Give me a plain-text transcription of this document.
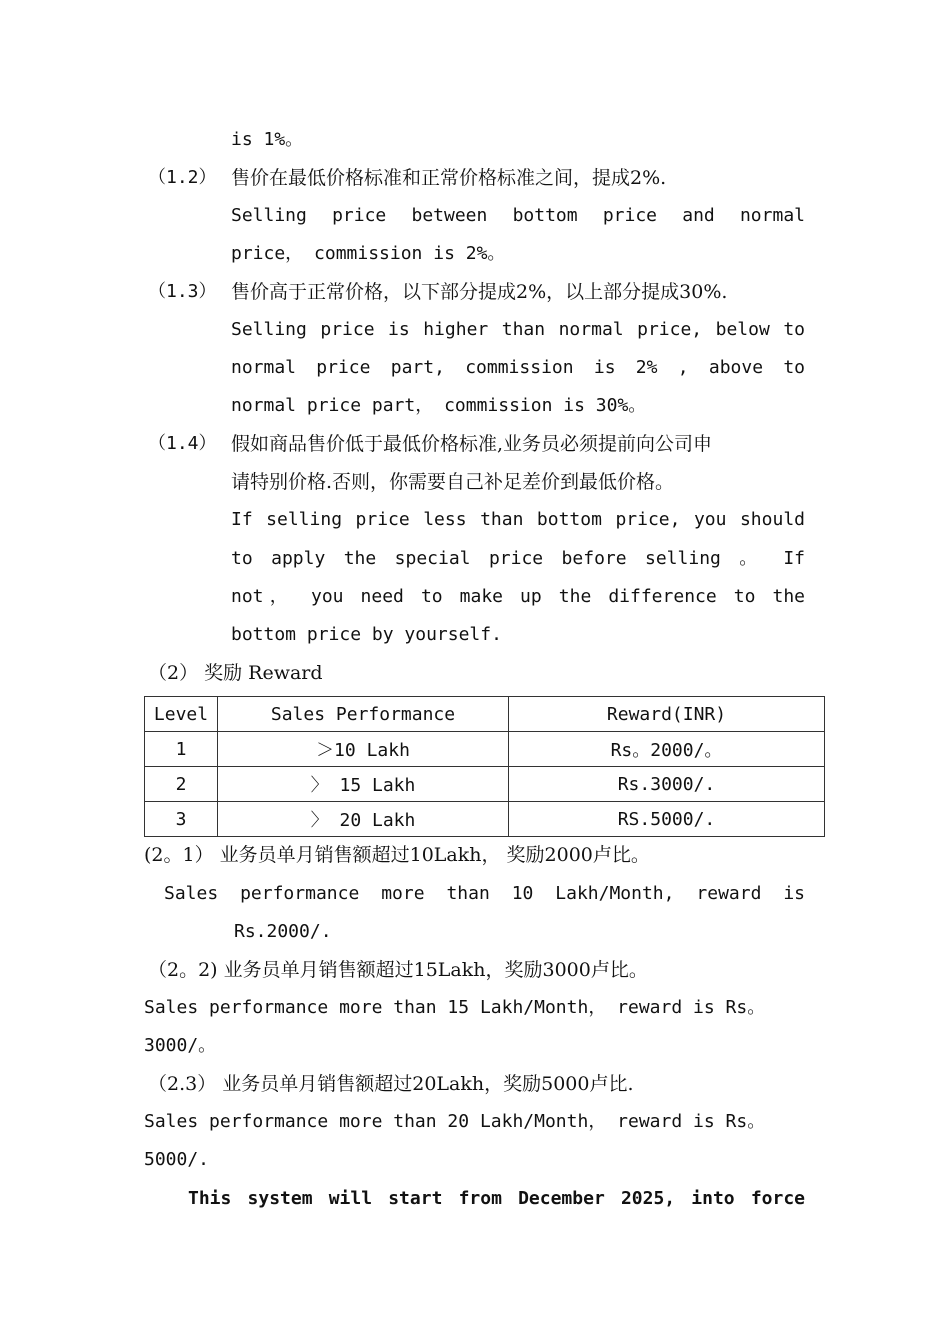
is 1%。
（1.2） 售价在最低价格标准和正常价格标准之间，提成2%.
Selling price between bottom price and normal
price， commission is 2%。
（1.3） 售价高于正常价格，以下部分提成2%，以上部分提成30%.
Selling price is higher than normal price, below to
normal price part, commission is 2% , above to
normal price part， commission is 30%。
（1.4） 假如商品售价低于最低价格标准,业务员必须提前向公司申
请特别价格.否则，你需要自己补足差价到最低价格。
If selling price less than bottom price, you should
to apply the special price before selling 。 If
not， you need to make up the difference to the
bottom price by yourself.
（2） 奖励 Reward
Level	Sales Performance	Reward(INR)
1	＞10 Lakh	Rs。2000/。
2	〉 15 Lakh	Rs.3000/.
3	〉 20 Lakh	RS.5000/.
(2。1） 业务员单月销售额超过10Lakh， 奖励2000卢比。
Sales performance more than 10 Lakh/Month, reward is
Rs.2000/.
（2。2) 业务员单月销售额超过15Lakh，奖励3000卢比。
Sales performance more than 15 Lakh/Month， reward is Rs。
3000/。
（2.3） 业务员单月销售额超过20Lakh，奖励5000卢比.
Sales performance more than 20 Lakh/Month， reward is Rs。
5000/.
This system will start from December 2025, into force
